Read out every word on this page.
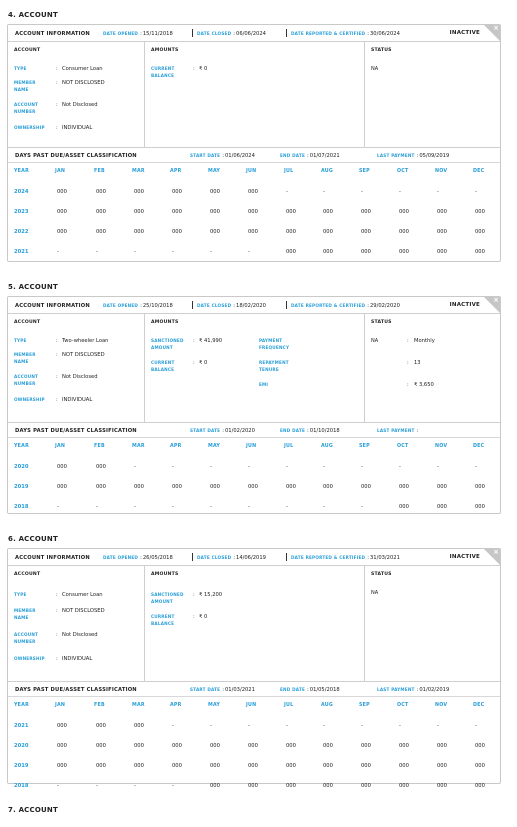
4. ACCOUNT
ACCOUNT INFORMATION	DATE OPENED :15/11/2018	DATE CLOSED :06/06/2024	DATE REPORTED & CERTIFIED :30/06/2024	INACTIVE
×
ACCOUNT
TYPE	: Consumer Loan
MEMBER NAME
: NOT DISCLOSED
ACCOUNT NUMBER
: Not Disclosed
OWNERSHIP	: INDIVIDUAL
AMOUNTS
CURRENT BALANCE
: ₹ 0
STATUS
NA
DAYS PAST DUE/ASSET CLASSIFICATION	START DATE :01/06/2024	END DATE :01/07/2021	LAST PAYMENT :05/09/2019
YEAR	JAN	FEB	MAR	APR	MAY	JUN	JUL	AUG	SEP	OCT	NOV	DEC
2024	000	000	000	000	000	000	-	-	-	-	-	-
2023	000	000	000	000	000	000	000	000	000	000	000	000
2022	000	000	000	000	000	000	000	000	000	000	000	000
2021	-	-	-	-	-	-	000	000	000	000	000	000
5. ACCOUNT
ACCOUNT INFORMATION	DATE OPENED :25/10/2018	DATE CLOSED :18/02/2020	DATE REPORTED & CERTIFIED :29/02/2020	INACTIVE
×
ACCOUNT
TYPE	: Two-wheeler Loan
MEMBER NAME
: NOT DISCLOSED
ACCOUNT NUMBER
: Not Disclosed
OWNERSHIP	: INDIVIDUAL
AMOUNTS
SANCTIONED AMOUNT
: ₹ 41,990
CURRENT BALANCE
: ₹ 0
PAYMENT FREQUENCY
: Monthly
REPAYMENT TENURE
: 13
EMI	: ₹ 3,650
STATUS
NA
DAYS PAST DUE/ASSET CLASSIFICATION	START DATE :01/02/2020	END DATE :01/10/2018	LAST PAYMENT :
YEAR	JAN	FEB	MAR	APR	MAY	JUN	JUL	AUG	SEP	OCT	NOV	DEC
2020	000	000	-	-	-	-	-	-	-	-	-	-
2019	000	000	000	000	000	000	000	000	000	000	000	000
2018	-	-	-	-	-	-	-	-	-	000	000	000
6. ACCOUNT
ACCOUNT INFORMATION	DATE OPENED :26/05/2018	DATE CLOSED :14/06/2019	DATE REPORTED & CERTIFIED :31/03/2021	INACTIVE
×
ACCOUNT
TYPE	: Consumer Loan
MEMBER NAME
: NOT DISCLOSED
ACCOUNT NUMBER
: Not Disclosed
OWNERSHIP	: INDIVIDUAL
AMOUNTS
SANCTIONED AMOUNT
: ₹ 15,200
CURRENT BALANCE
: ₹ 0
STATUS
NA
DAYS PAST DUE/ASSET CLASSIFICATION	START DATE :01/03/2021	END DATE :01/05/2018	LAST PAYMENT :01/02/2019
YEAR	JAN	FEB	MAR	APR	MAY	JUN	JUL	AUG	SEP	OCT	NOV	DEC
2021	000	000	000	-	-	-	-	-	-	-	-	-
2020	000	000	000	000	000	000	000	000	000	000	000	000
2019	000	000	000	000	000	000	000	000	000	000	000	000
2018	-	-	-	-	000	000	000	000	000	000	000	000
7. ACCOUNT
